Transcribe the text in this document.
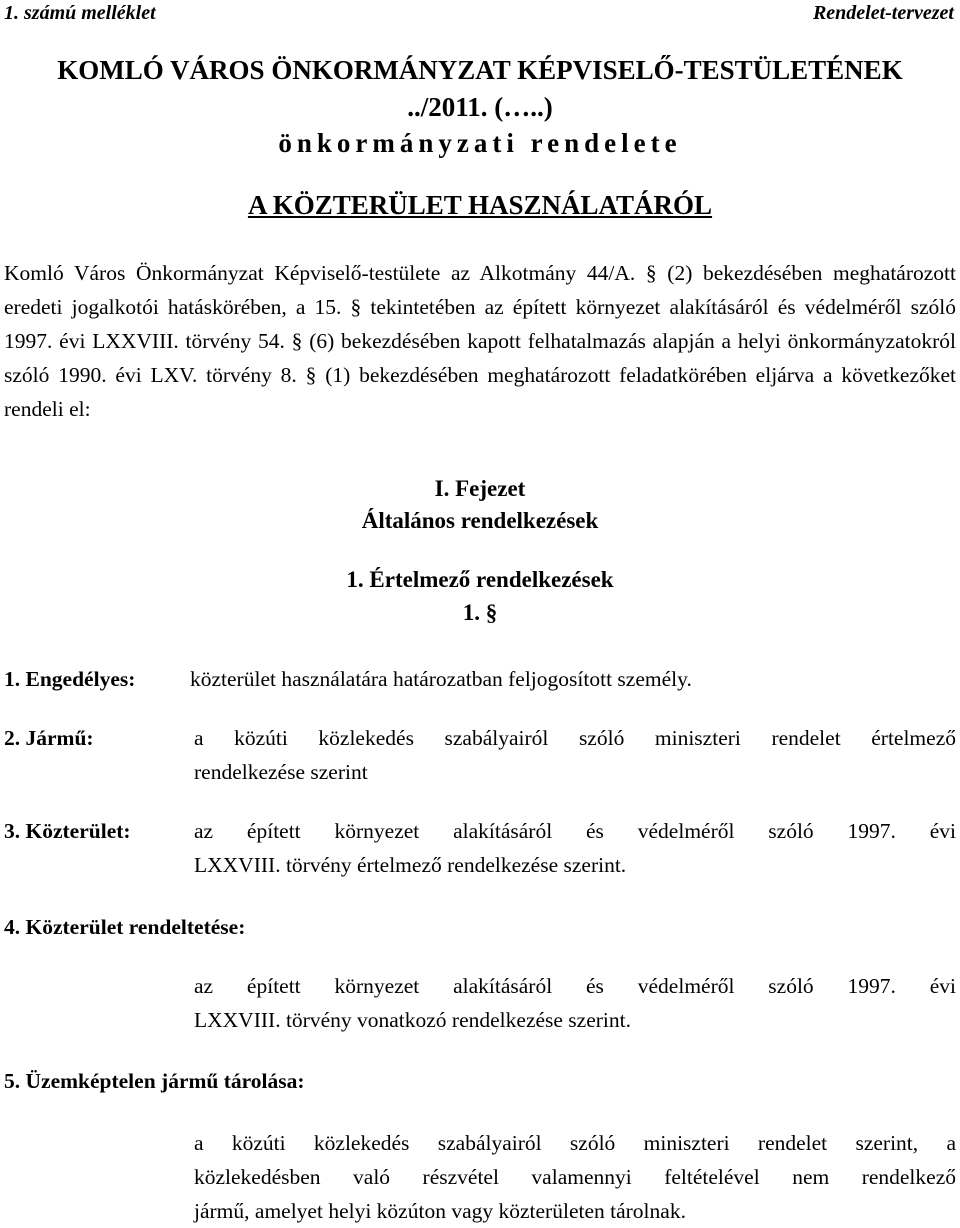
1. számú melléklet	Rendelet-tervezet
KOMLÓ VÁROS ÖNKORMÁNYZAT KÉPVISELŐ-TESTÜLETÉNEK
../2011. (…..)
önkormányzati rendelete
A KÖZTERÜLET HASZNÁLATÁRÓL
Komló Város Önkormányzat Képviselő-testülete az Alkotmány 44/A. § (2) bekezdésében meghatározott eredeti jogalkotói hatáskörében, a 15. § tekintetében az épített környezet alakításáról és védelméről szóló 1997. évi LXXVIII. törvény 54. § (6) bekezdésében kapott felhatalmazás alapján a helyi önkormányzatokról szóló 1990. évi LXV. törvény 8. § (1) bekezdésében meghatározott feladatkörében eljárva a következőket rendeli el:
I. Fejezet
Általános rendelkezések
1. Értelmező rendelkezések
1. §
1. Engedélyes:	közterület használatára határozatban feljogosított személy.
2. Jármű:	a közúti közlekedés szabályairól szóló miniszteri rendelet értelmező
rendelkezése szerint
3. Közterület:	az épített környezet alakításáról és védelméről szóló 1997. évi
LXXVIII. törvény értelmező rendelkezése szerint.
4. Közterület rendeltetése:
az épített környezet alakításáról és védelméről szóló 1997. évi
LXXVIII. törvény vonatkozó rendelkezése szerint.
5. Üzemképtelen jármű tárolása:
a közúti közlekedés szabályairól szóló miniszteri rendelet szerint, a
közlekedésben való részvétel valamennyi feltételével nem rendelkező
jármű, amelyet helyi közúton vagy közterületen tárolnak.
